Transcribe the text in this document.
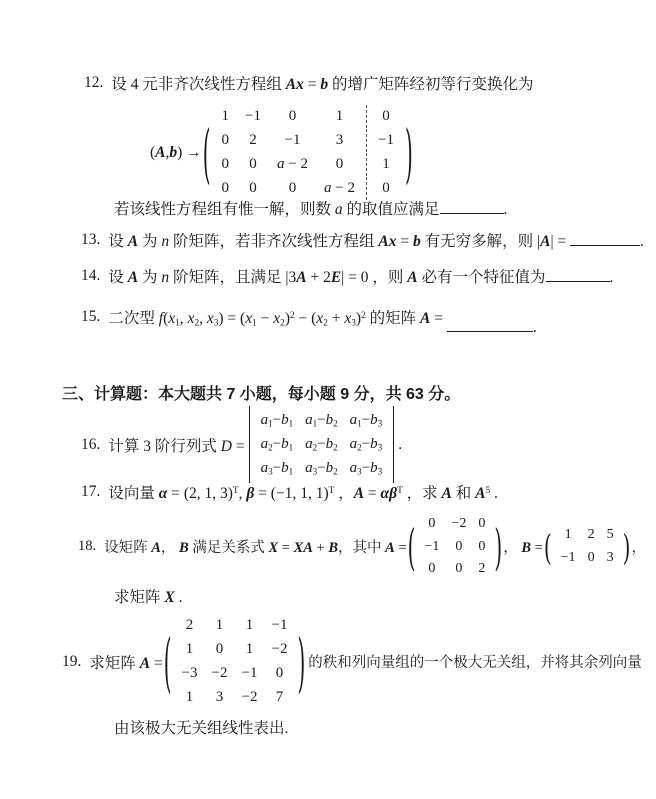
12. 设 4 元非齐次线性方程组 Ax = b 的增广矩阵经初等行变换化为
(A,b) → ( 1	−1	0	1	0
0	2	−1	3	−1
0	0	a − 2	0	1
0	0	0	a − 2	0 )
若该线性方程组有惟一解，则数 a 的取值应满足	.
13. 设 A 为 n 阶矩阵，若非齐次线性方程组 Ax = b 有无穷多解，则 |A| =	.
14. 设 A 为 n 阶矩阵，且满足 |3A + 2E| = 0 ，则 A 必有一个特征值为	.
15. 二次型 f(x1, x2, $x3) = (x1 - x2)^2 - (x2 + x3)^2$ 的矩阵 A = .
三、计算题：本大题共 7 小题，每小题 9 分，共 63 分。
16. 计算 3 阶行列式 D =
a1−b1 a1−b2 a1−b3
a2−b1 a2−b2 a2−b3
a3−b1 a3−b2 a3−b3
.
17. 设向量 α = (2, 1, 3)$^T$, β = (−1, 1, 1)$^T$ ，$A = \alpha\beta^T$ ，求 A 和 $A^5$ .
18. 设矩阵 A， B 满足关系式 X = XA + B，其中 A = ( 0	−2 0
−1	0	0
0	0	2 ) ， B = ( 1	2 5
−1 0 3 ) ，
求矩阵 X .
19. 求矩阵 A = ( 2	1	1	−1
1	0	1	−2
−3 −2 −1	0
1	3	−2	7 ) 的秩和列向量组的一个极大无关组，并将其余列向量
由该极大无关组线性表出.
